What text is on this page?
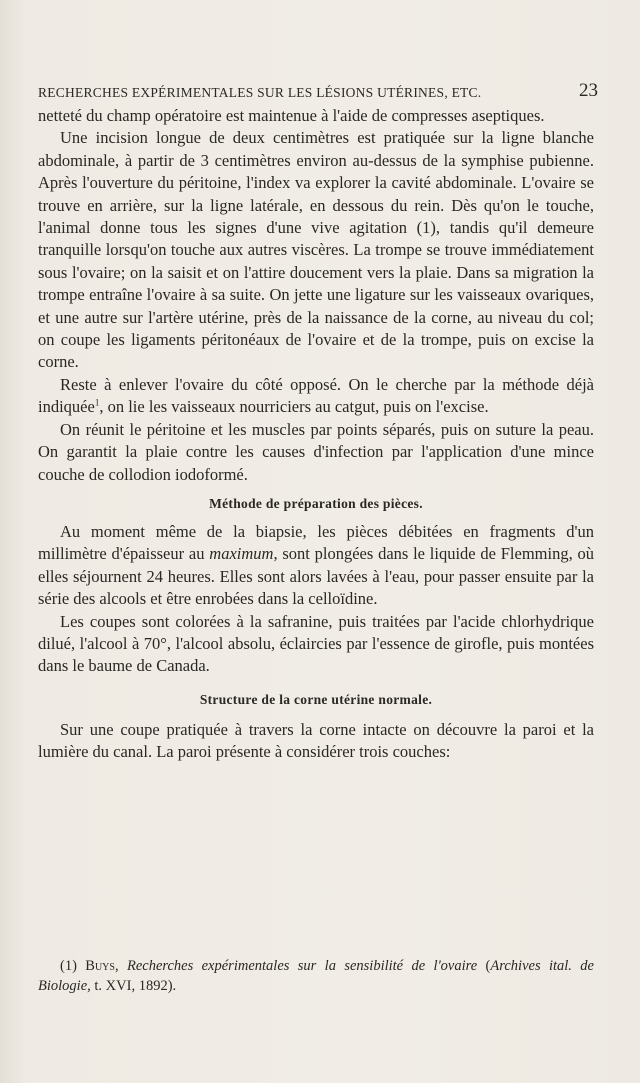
RECHERCHES EXPÉRIMENTALES SUR LES LÉSIONS UTÉRINES, ETC.	23

netteté du champ opératoire est maintenue à l'aide de compresses aseptiques.

Une incision longue de deux centimètres est pratiquée sur la ligne blanche abdominale, à partir de 3 centimètres environ au-dessus de la symphise pubienne. Après l'ouverture du péritoine, l'index va explorer la cavité abdominale. L'ovaire se trouve en arrière, sur la ligne latérale, en dessous du rein. Dès qu'on le touche, l'animal donne tous les signes d'une vive agitation (1), tandis qu'il demeure tranquille lorsqu'on touche aux autres viscères. La trompe se trouve immédiatement sous l'ovaire; on la saisit et on l'attire doucement vers la plaie. Dans sa migration la trompe entraîne l'ovaire à sa suite. On jette une ligature sur les vaisseaux ovariques, et une autre sur l'artère utérine, près de la naissance de la corne, au niveau du col; on coupe les ligaments péritonéaux de l'ovaire et de la trompe, puis on excise la corne.

Reste à enlever l'ovaire du côté opposé. On le cherche par la méthode déjà indiquée$^1$, on lie les vaisseaux nourriciers au catgut, puis on l'excise.

On réunit le péritoine et les muscles par points séparés, puis on suture la peau. On garantit la plaie contre les causes d'infection par l'application d'une mince couche de collodion iodoformé.

Méthode de préparation des pièces.

Au moment même de la biapsie, les pièces débitées en fragments d'un millimètre d'épaisseur au maximum, sont plongées dans le liquide de Flemming, où elles séjournent 24 heures. Elles sont alors lavées à l'eau, pour passer ensuite par la série des alcools et être enrobées dans la celloïdine.

Les coupes sont colorées à la safranine, puis traitées par l'acide chlorhydrique dilué, l'alcool à 70°, l'alcool absolu, éclaircies par l'essence de girofle, puis montées dans le baume de Canada.

Structure de la corne utérine normale.

Sur une coupe pratiquée à travers la corne intacte on découvre la paroi et la lumière du canal. La paroi présente à considérer trois couches:

(1) Buys, Recherches expérimentales sur la sensibilité de l'ovaire (Archives ital. de Biologie, t. XVI, 1892).
